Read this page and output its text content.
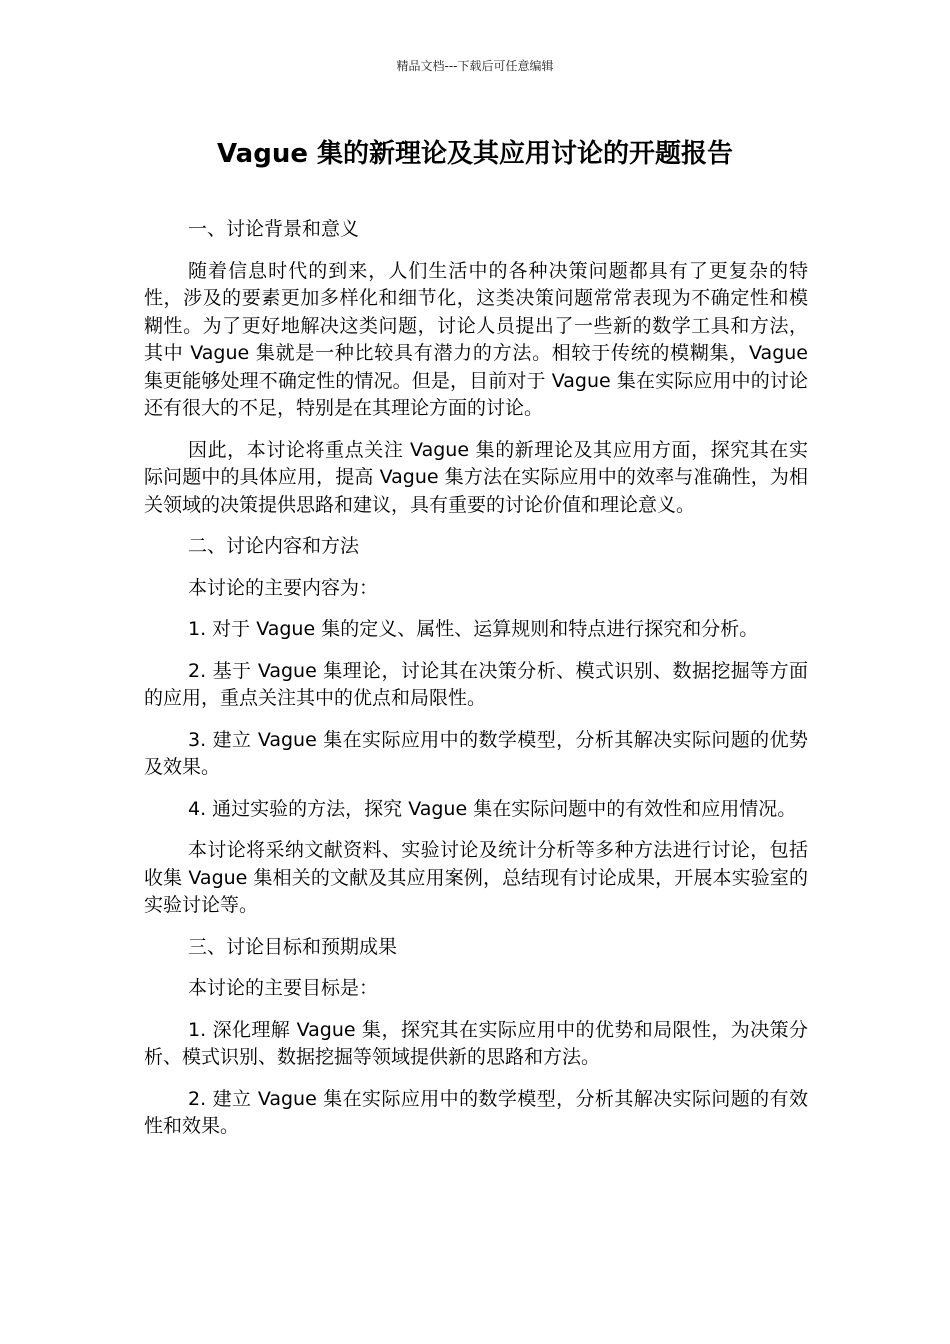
精品文档---下载后可任意编辑
Vague 集的新理论及其应用讨论的开题报告

一、讨论背景和意义

随着信息时代的到来，人们生活中的各种决策问题都具有了更复杂的特性，涉及的要素更加多样化和细节化，这类决策问题常常表现为不确定性和模糊性。为了更好地解决这类问题，讨论人员提出了一些新的数学工具和方法，其中 Vague 集就是一种比较具有潜力的方法。相较于传统的模糊集，Vague 集更能够处理不确定性的情况。但是，目前对于 Vague 集在实际应用中的讨论还有很大的不足，特别是在其理论方面的讨论。

因此，本讨论将重点关注 Vague 集的新理论及其应用方面，探究其在实际问题中的具体应用，提高 Vague 集方法在实际应用中的效率与准确性，为相关领域的决策提供思路和建议，具有重要的讨论价值和理论意义。

二、讨论内容和方法

本讨论的主要内容为：

1. 对于 Vague 集的定义、属性、运算规则和特点进行探究和分析。

2. 基于 Vague 集理论，讨论其在决策分析、模式识别、数据挖掘等方面的应用，重点关注其中的优点和局限性。

3. 建立 Vague 集在实际应用中的数学模型，分析其解决实际问题的优势及效果。

4. 通过实验的方法，探究 Vague 集在实际问题中的有效性和应用情况。

本讨论将采纳文献资料、实验讨论及统计分析等多种方法进行讨论，包括收集 Vague 集相关的文献及其应用案例，总结现有讨论成果，开展本实验室的实验讨论等。

三、讨论目标和预期成果

本讨论的主要目标是：

1. 深化理解 Vague 集，探究其在实际应用中的优势和局限性，为决策分析、模式识别、数据挖掘等领域提供新的思路和方法。

2. 建立 Vague 集在实际应用中的数学模型，分析其解决实际问题的有效性和效果。
